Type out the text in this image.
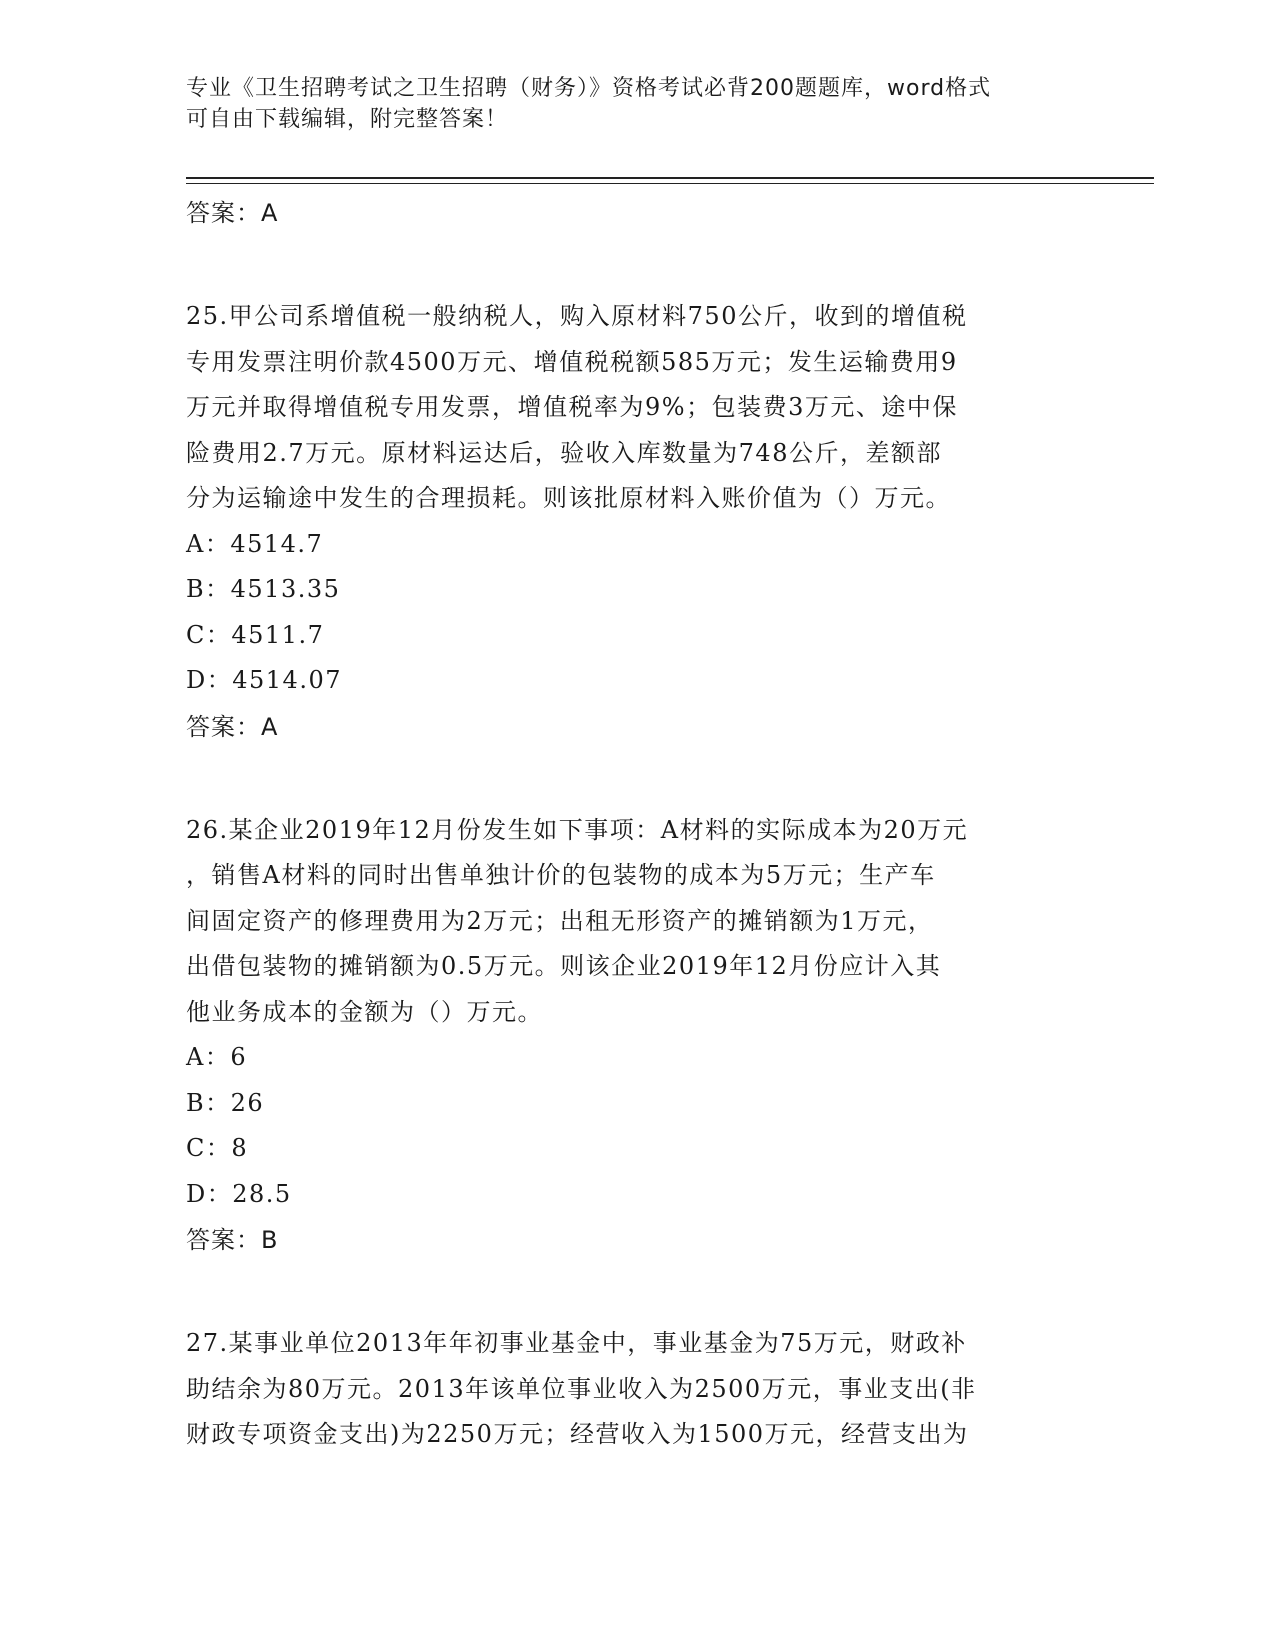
专业《卫生招聘考试之卫生招聘（财务）》资格考试必背200题题库，word格式
可自由下载编辑，附完整答案！
答案：A
25.甲公司系增值税一般纳税人，购入原材料750公斤，收到的增值税
专用发票注明价款4500万元、增值税税额585万元；发生运输费用9
万元并取得增值税专用发票，增值税率为9%；包装费3万元、途中保
险费用2.7万元。原材料运达后，验收入库数量为748公斤，差额部
分为运输途中发生的合理损耗。则该批原材料入账价值为（）万元。
A：4514.7
B：4513.35
C：4511.7
D：4514.07
答案：A
26.某企业2019年12月份发生如下事项：A材料的实际成本为20万元
，销售A材料的同时出售单独计价的包装物的成本为5万元；生产车
间固定资产的修理费用为2万元；出租无形资产的摊销额为1万元，
出借包装物的摊销额为0.5万元。则该企业2019年12月份应计入其
他业务成本的金额为（）万元。
A：6
B：26
C：8
D：28.5
答案：B
27.某事业单位2013年年初事业基金中，事业基金为75万元，财政补
助结余为80万元。2013年该单位事业收入为2500万元，事业支出(非
财政专项资金支出)为2250万元；经营收入为1500万元，经营支出为
